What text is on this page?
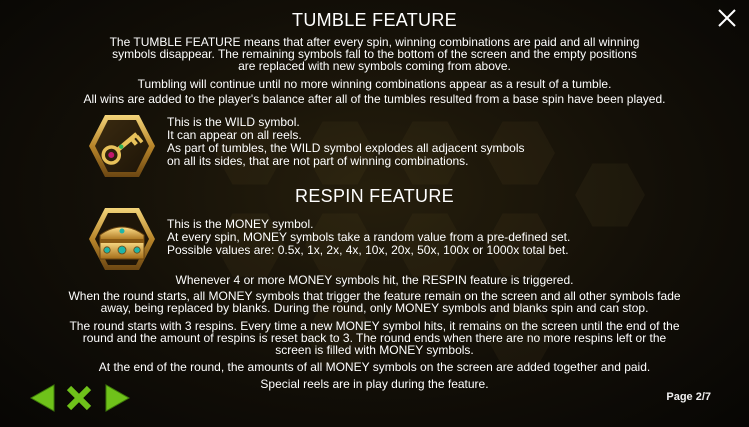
TUMBLE FEATURE
The TUMBLE FEATURE means that after every spin, winning combinations are paid and all winning
symbols disappear. The remaining symbols fall to the bottom of the screen and the empty positions
are replaced with new symbols coming from above.
Tumbling will continue until no more winning combinations appear as a result of a tumble.
All wins are added to the player's balance after all of the tumbles resulted from a base spin have been played.
This is the WILD symbol.
It can appear on all reels.
As part of tumbles, the WILD symbol explodes all adjacent symbols
on all its sides, that are not part of winning combinations.
RESPIN FEATURE
This is the MONEY symbol.
At every spin, MONEY symbols take a random value from a pre-defined set.
Possible values are: 0.5x, 1x, 2x, 4x, 10x, 20x, 50x, 100x or 1000x total bet.
Whenever 4 or more MONEY symbols hit, the RESPIN feature is triggered.
When the round starts, all MONEY symbols that trigger the feature remain on the screen and all other symbols fade
away, being replaced by blanks. During the round, only MONEY symbols and blanks spin and can stop.
The round starts with 3 respins. Every time a new MONEY symbol hits, it remains on the screen until the end of the
round and the amount of respins is reset back to 3. The round ends when there are no more respins left or the
screen is filled with MONEY symbols.
At the end of the round, the amounts of all MONEY symbols on the screen are added together and paid.
Special reels are in play during the feature.
Page 2/7
